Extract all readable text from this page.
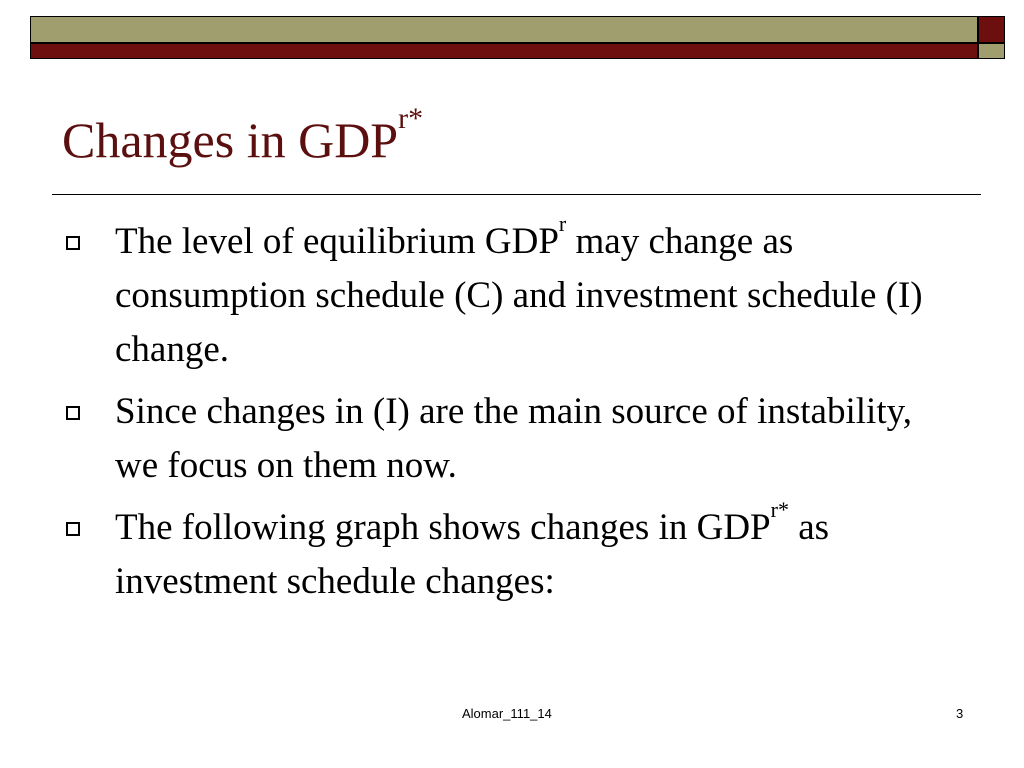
Changes in $GDP^{r*}$
The level of equilibrium GDP$^r$ may change as consumption schedule (C) and investment schedule (I) change.
Since changes in (I) are the main source of instability, we focus on them now.
The following graph shows changes in $GDP^{r*}$ as investment schedule changes:
Alomar_111_14	3
